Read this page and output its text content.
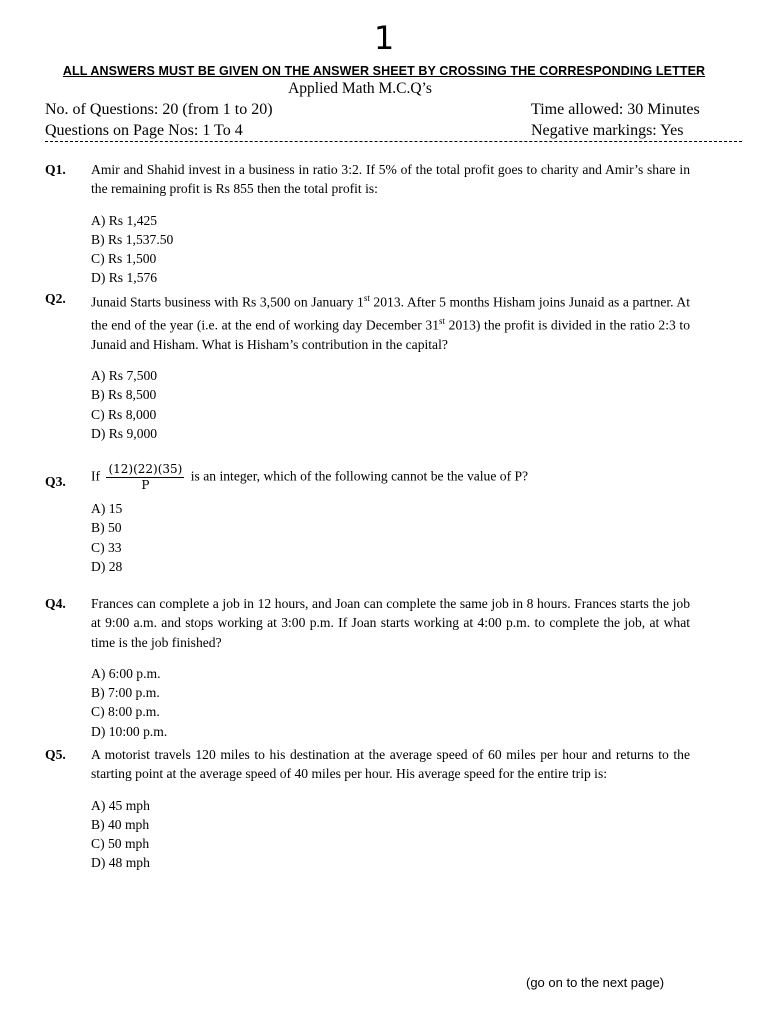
1
ALL ANSWERS MUST BE GIVEN ON THE ANSWER SHEET BY CROSSING THE CORRESPONDING LETTER
Applied Math M.C.Q’s
No. of Questions: 20 (from 1 to 20)
Questions on Page Nos: 1 To 4
Time allowed: 30 Minutes
Negative markings: Yes
Q1. Amir and Shahid invest in a business in ratio 3:2. If 5% of the total profit goes to charity and Amir’s share in the remaining profit is Rs 855 then the total profit is:
A) Rs 1,425
B) Rs 1,537.50
C) Rs 1,500
D) Rs 1,576
Q2. Junaid Starts business with Rs 3,500 on January 1st 2013. After 5 months Hisham joins Junaid as a partner. At the end of the year (i.e. at the end of working day December 31st 2013) the profit is divided in the ratio 2:3 to Junaid and Hisham. What is Hisham’s contribution in the capital?
A) Rs 7,500
B) Rs 8,500
C) Rs 8,000
D) Rs 9,000
Q3. If $\frac{(12)(22)(35)}{P}$ is an integer, which of the following cannot be the value of P?
A) 15
B) 50
C) 33
D) 28
Q4. Frances can complete a job in 12 hours, and Joan can complete the same job in 8 hours. Frances starts the job at 9:00 a.m. and stops working at 3:00 p.m. If Joan starts working at 4:00 p.m. to complete the job, at what time is the job finished?
A) 6:00 p.m.
B) 7:00 p.m.
C) 8:00 p.m.
D) 10:00 p.m.
Q5. A motorist travels 120 miles to his destination at the average speed of 60 miles per hour and returns to the starting point at the average speed of 40 miles per hour. His average speed for the entire trip is:
A) 45 mph
B) 40 mph
C) 50 mph
D) 48 mph
(go on to the next page)
